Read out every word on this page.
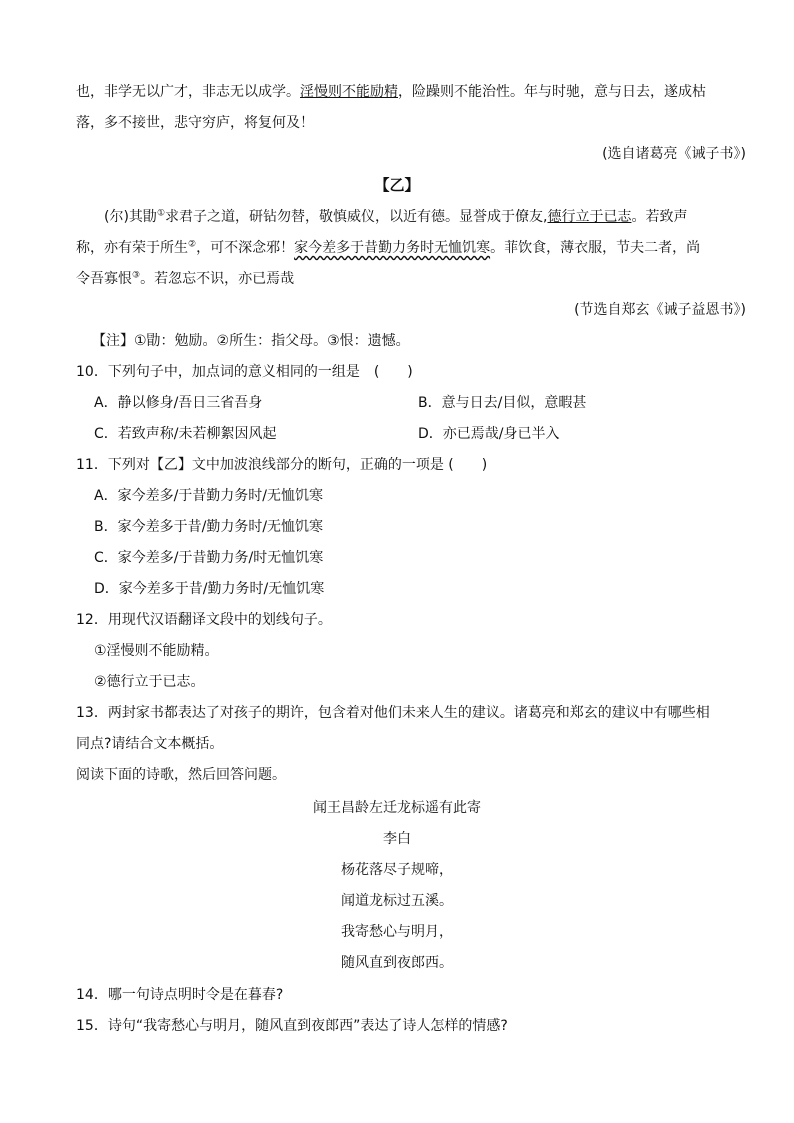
也，非学无以广才，非志无以成学。淫慢则不能励精，险躁则不能治性。年与时驰，意与日去，遂成枯
落，多不接世，悲守穷庐，将复何及！
(选自诸葛亮《诫子书》)
【乙】
(尔)其勖①求君子之道，研钻勿替，敬慎威仪，以近有德。显誉成于僚友,德行立于已志。若致声
称，亦有荣于所生②，可不深念邪！家今差多于昔勤力务时无恤饥寒。菲饮食，薄衣服，节夫二者，尚
令吾寡恨③。若忽忘不识，亦已焉哉
(节选自郑玄《诫子益恩书》)
【注】①勖：勉励。②所生：指父母。③恨：遗憾。
10．下列句子中，加点词的意义相同的一组是　(　　)
A．静以修身/吾日三省吾身	B．意与日去/目似，意暇甚
C．若致声称/未若柳絮因风起	D．亦已焉哉/身已半入
11．下列对【乙】文中加波浪线部分的断句，正确的一项是 (　　)
A．家今差多/于昔勤力务时/无恤饥寒
B．家今差多于昔/勤力务时/无恤饥寒
C．家今差多/于昔勤力务/时无恤饥寒
D．家今差多于昔/勤力务时/无恤饥寒
12．用现代汉语翻译文段中的划线句子。
①淫慢则不能励精。
②德行立于已志。
13．两封家书都表达了对孩子的期许，包含着对他们未来人生的建议。诸葛亮和郑玄的建议中有哪些相
同点?请结合文本概括。
阅读下面的诗歌，然后回答问题。
闻王昌龄左迁龙标遥有此寄
李白
杨花落尽子规啼，
闻道龙标过五溪。
我寄愁心与明月，
随风直到夜郎西。
14．哪一句诗点明时令是在暮春?
15．诗句“我寄愁心与明月，随风直到夜郎西”表达了诗人怎样的情感?
